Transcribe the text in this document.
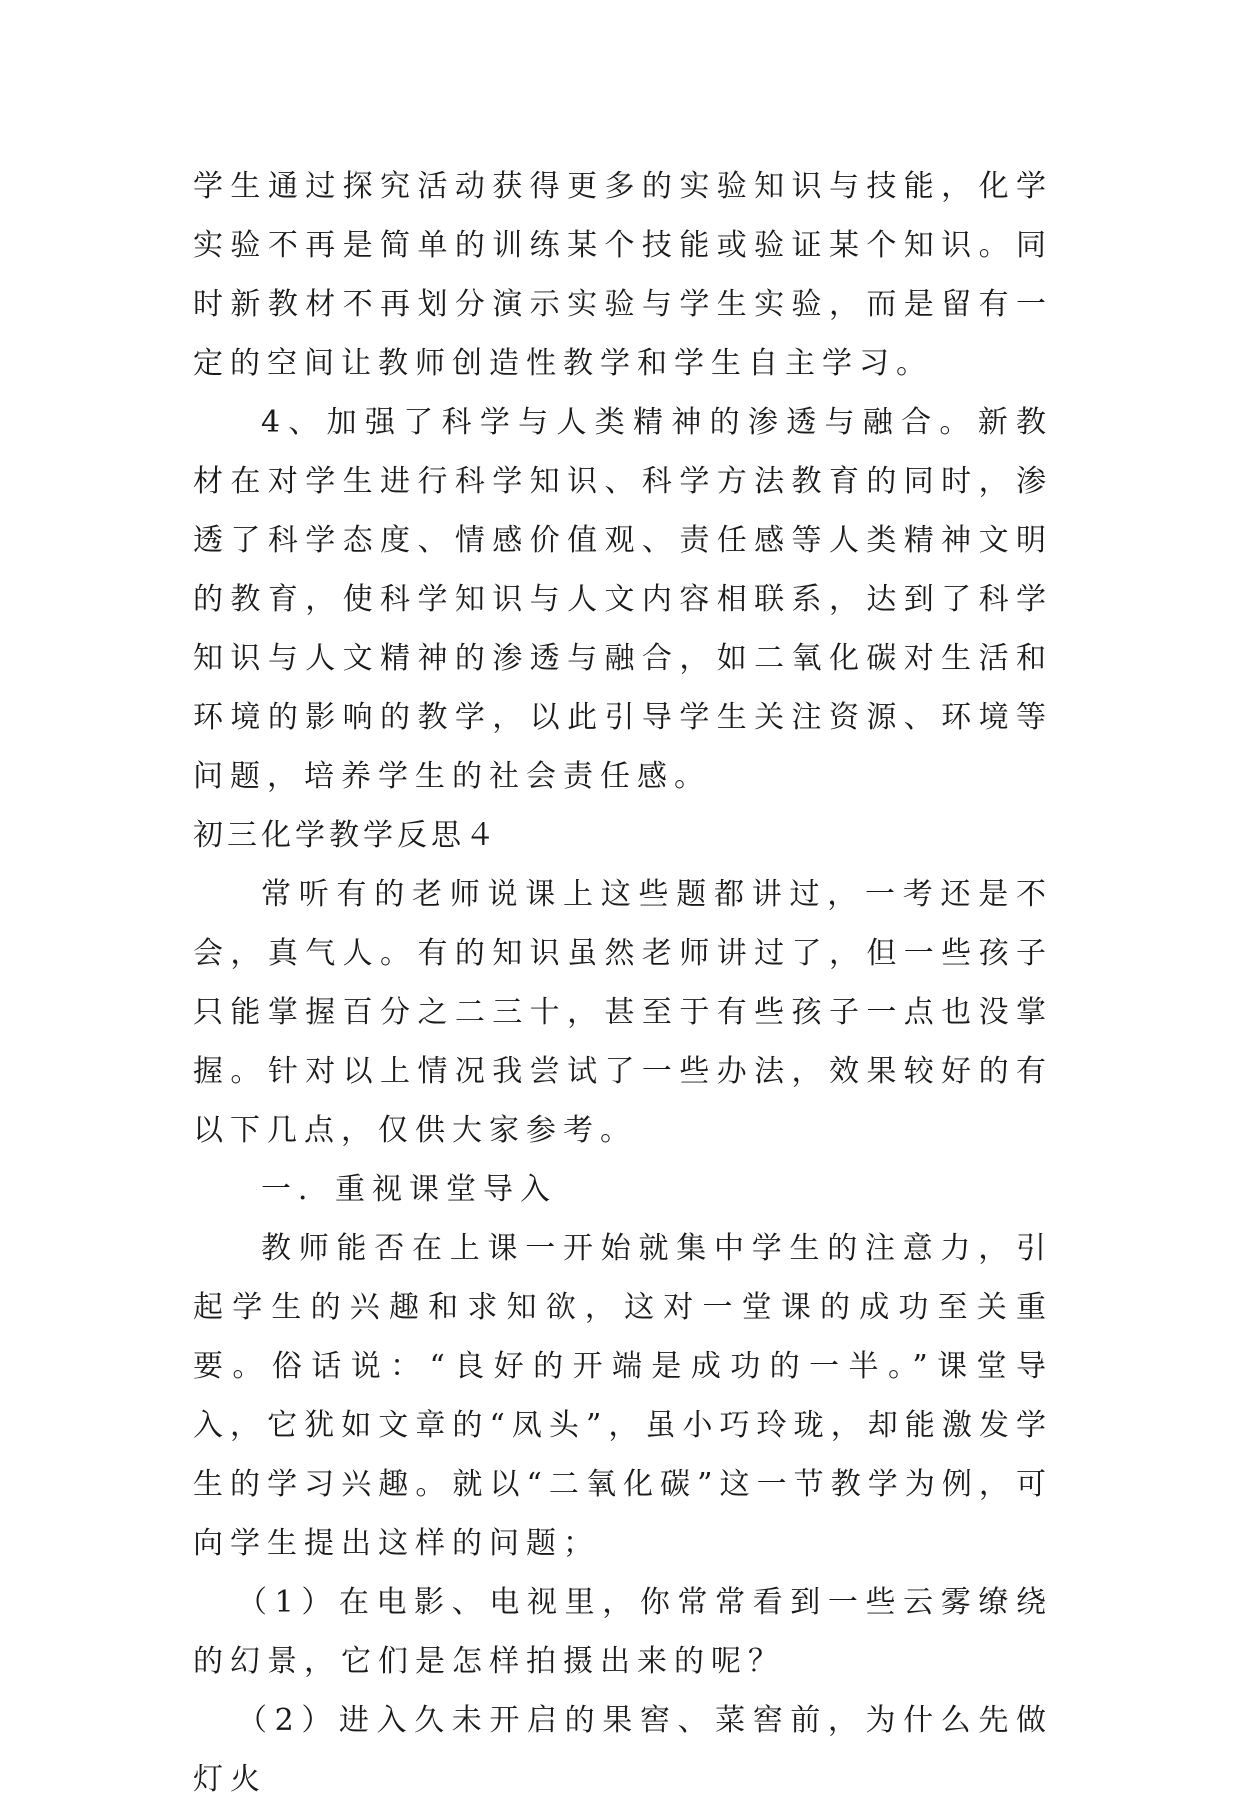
学生通过探究活动获得更多的实验知识与技能，化学实验不再是简单的训练某个技能或验证某个知识。同时新教材不再划分演示实验与学生实验，而是留有一定的空间让教师创造性教学和学生自主学习。

4、加强了科学与人类精神的渗透与融合。新教材在对学生进行科学知识、科学方法教育的同时，渗透了科学态度、情感价值观、责任感等人类精神文明的教育，使科学知识与人文内容相联系，达到了科学知识与人文精神的渗透与融合，如二氧化碳对生活和环境的影响的教学，以此引导学生关注资源、环境等问题，培养学生的社会责任感。

初三化学教学反思４

常听有的老师说课上这些题都讲过，一考还是不会，真气人。有的知识虽然老师讲过了，但一些孩子只能掌握百分之二三十，甚至于有些孩子一点也没掌握。针对以上情况我尝试了一些办法，效果较好的有以下几点，仅供大家参考。

一．重视课堂导入

教师能否在上课一开始就集中学生的注意力，引起学生的兴趣和求知欲，这对一堂课的成功至关重要。俗话说：“良好的开端是成功的一半。”课堂导入，它犹如文章的“凤头”，虽小巧玲珑，却能激发学生的学习兴趣。就以“二氧化碳”这一节教学为例，可向学生提出这样的问题；

（1）在电影、电视里，你常常看到一些云雾缭绕的幻景，它们是怎样拍摄出来的呢？

（2）进入久未开启的果窖、菜窖前，为什么先做灯火
